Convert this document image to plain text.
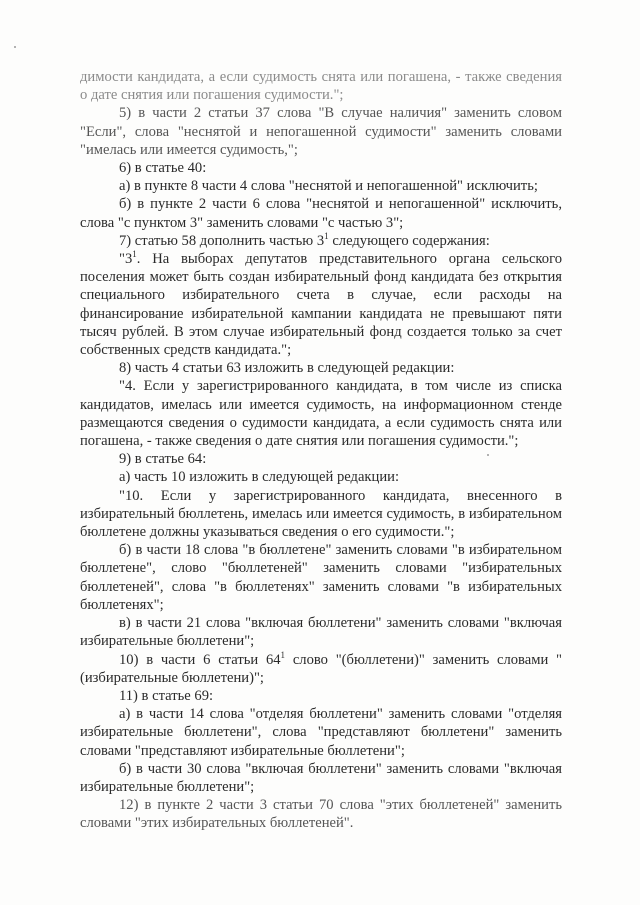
димости кандидата, а если судимость снята или погашена, - также сведения о дате снятия или погашения судимости.";

5) в части 2 статьи 37 слова "В случае наличия" заменить словом "Если", слова "неснятой и непогашенной судимости" заменить словами "имелась или имеется судимость,";

6) в статье 40:

а) в пункте 8 части 4 слова "неснятой и непогашенной" исключить;

б) в пункте 2 части 6 слова "неснятой и непогашенной" исключить, слова "с пунктом 3" заменить словами "с частью 3";

7) статью 58 дополнить частью $3^1$ следующего содержания:

"$3^1$. На выборах депутатов представительного органа сельского поселения может быть создан избирательный фонд кандидата без открытия специального избирательного счета в случае, если расходы на финансирование избирательной кампании кандидата не превышают пяти тысяч рублей. В этом случае избирательный фонд создается только за счет собственных средств кандидата.";

8) часть 4 статьи 63 изложить в следующей редакции:

"4. Если у зарегистрированного кандидата, в том числе из списка кандидатов, имелась или имеется судимость, на информационном стенде размещаются сведения о судимости кандидата, а если судимость снята или погашена, - также сведения о дате снятия или погашения судимости.";

9) в статье 64:

а) часть 10 изложить в следующей редакции:

"10. Если у зарегистрированного кандидата, внесенного в избирательный бюллетень, имелась или имеется судимость, в избирательном бюллетене должны указываться сведения о его судимости.";

б) в части 18 слова "в бюллетене" заменить словами "в избирательном бюллетене", слово "бюллетеней" заменить словами "избирательных бюллетеней", слова "в бюллетенях" заменить словами "в избирательных бюллетенях";

в) в части 21 слова "включая бюллетени" заменить словами "включая избирательные бюллетени";

10) в части 6 статьи $64^1$ слово "(бюллетени)" заменить словами "(избирательные бюллетени)";

11) в статье 69:

а) в части 14 слова "отделяя бюллетени" заменить словами "отделяя избирательные бюллетени", слова "представляют бюллетени" заменить словами "представляют избирательные бюллетени";

б) в части 30 слова "включая бюллетени" заменить словами "включая избирательные бюллетени";

12) в пункте 2 части 3 статьи 70 слова "этих бюллетеней" заменить словами "этих избирательных бюллетеней".
